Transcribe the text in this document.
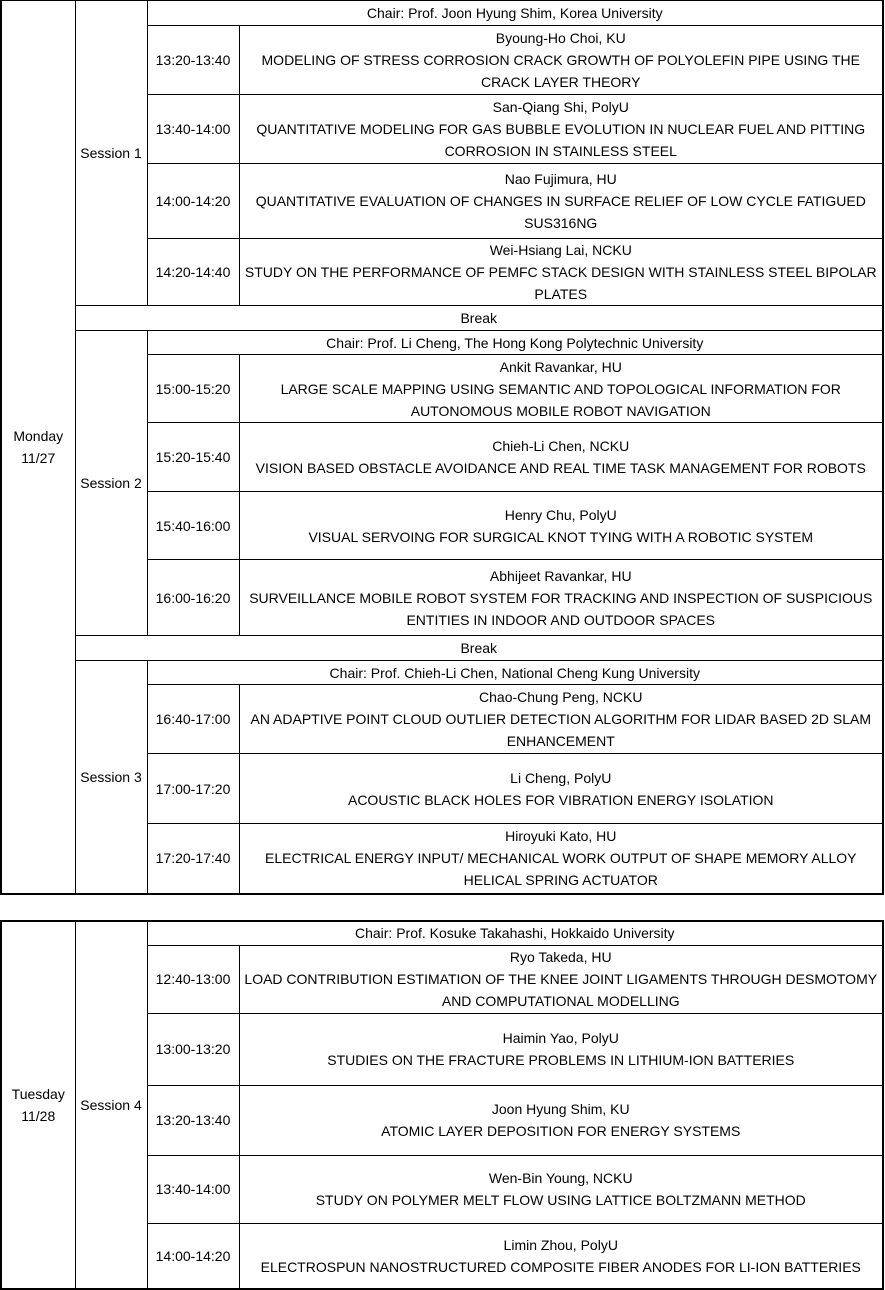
Monday
11/27	Session 1	Chair: Prof. Joon Hyung Shim, Korea University	
		13:20-13:40	Byoung-Ho Choi, KU
MODELING OF STRESS CORROSION CRACK GROWTH OF POLYOLEFIN PIPE USING THE CRACK LAYER THEORY

		13:40-14:00	San-Qiang Shi, PolyU
QUANTITATIVE MODELING FOR GAS BUBBLE EVOLUTION IN NUCLEAR FUEL AND PITTING CORROSION IN STAINLESS STEEL

		14:00-14:20	Nao Fujimura, HU
QUANTITATIVE EVALUATION OF CHANGES IN SURFACE RELIEF OF LOW CYCLE FATIGUED SUS316NG

		14:20-14:40	Wei-Hsiang Lai, NCKU
STUDY ON THE PERFORMANCE OF PEMFC STACK DESIGN WITH STAINLESS STEEL BIPOLAR PLATES

	Break		
	Session 2	Chair: Prof. Li Cheng, The Hong Kong Polytechnic University	
		15:00-15:20	Ankit Ravankar, HU
LARGE SCALE MAPPING USING SEMANTIC AND TOPOLOGICAL INFORMATION FOR AUTONOMOUS MOBILE ROBOT NAVIGATION

		15:20-15:40	Chieh-Li Chen, NCKU
VISION BASED OBSTACLE AVOIDANCE AND REAL TIME TASK MANAGEMENT FOR ROBOTS

		15:40-16:00	Henry Chu, PolyU
VISUAL SERVOING FOR SURGICAL KNOT TYING WITH A ROBOTIC SYSTEM

		16:00-16:20	Abhijeet Ravankar, HU
SURVEILLANCE MOBILE ROBOT SYSTEM FOR TRACKING AND INSPECTION OF SUSPICIOUS ENTITIES IN INDOOR AND OUTDOOR SPACES

	Break		
	Session 3	Chair: Prof. Chieh-Li Chen, National Cheng Kung University	
		16:40-17:00	Chao-Chung Peng, NCKU
AN ADAPTIVE POINT CLOUD OUTLIER DETECTION ALGORITHM FOR LIDAR BASED 2D SLAM ENHANCEMENT

		17:00-17:20	Li Cheng, PolyU
ACOUSTIC BLACK HOLES FOR VIBRATION ENERGY ISOLATION

		17:20-17:40	Hiroyuki Kato, HU
ELECTRICAL ENERGY INPUT/ MECHANICAL WORK OUTPUT OF SHAPE MEMORY ALLOY HELICAL SPRING ACTUATOR
Tuesday
11/28	Session 4	Chair: Prof. Kosuke Takahashi, Hokkaido University	
		12:40-13:00	Ryo Takeda, HU
LOAD CONTRIBUTION ESTIMATION OF THE KNEE JOINT LIGAMENTS THROUGH DESMOTOMY AND COMPUTATIONAL MODELLING

		13:00-13:20	Haimin Yao, PolyU
STUDIES ON THE FRACTURE PROBLEMS IN LITHIUM-ION BATTERIES

		13:20-13:40	Joon Hyung Shim, KU
ATOMIC LAYER DEPOSITION FOR ENERGY SYSTEMS

		13:40-14:00	Wen-Bin Young, NCKU
STUDY ON POLYMER MELT FLOW USING LATTICE BOLTZMANN METHOD

		14:00-14:20	Limin Zhou, PolyU
ELECTROSPUN NANOSTRUCTURED COMPOSITE FIBER ANODES FOR LI-ION BATTERIES
